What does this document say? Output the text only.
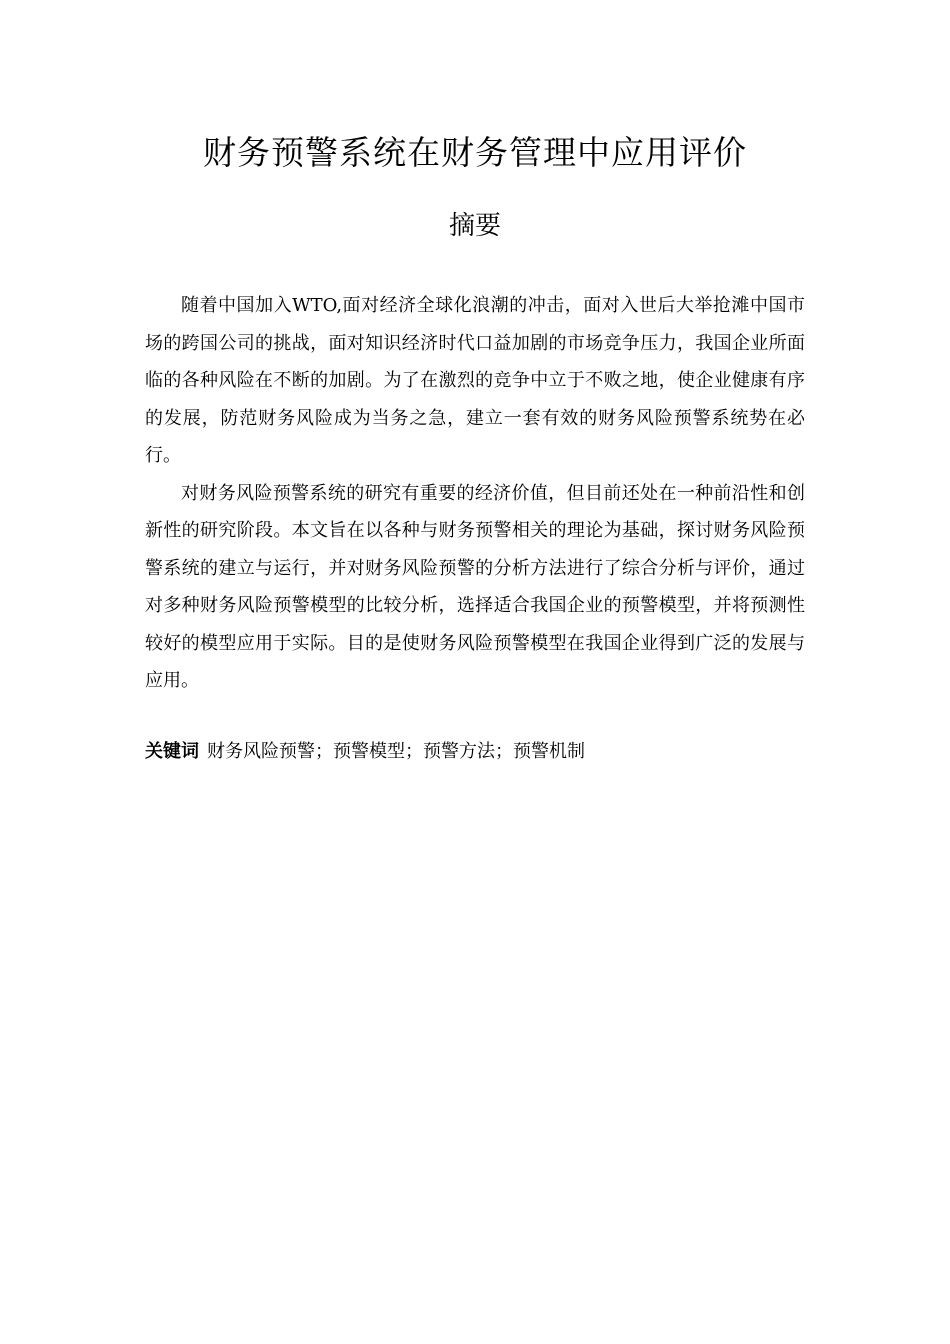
财务预警系统在财务管理中应用评价
摘要

随着中国加入WTO,面对经济全球化浪潮的冲击，面对入世后大举抢滩中国市场的跨国公司的挑战，面对知识经济时代口益加剧的市场竞争压力，我国企业所面临的各种风险在不断的加剧。为了在激烈的竞争中立于不败之地，使企业健康有序的发展，防范财务风险成为当务之急，建立一套有效的财务风险预警系统势在必行。

对财务风险预警系统的研究有重要的经济价值，但目前还处在一种前沿性和创新性的研究阶段。本文旨在以各种与财务预警相关的理论为基础，探讨财务风险预警系统的建立与运行，并对财务风险预警的分析方法进行了综合分析与评价，通过对多种财务风险预警模型的比较分析，选择适合我国企业的预警模型，并将预测性较好的模型应用于实际。目的是使财务风险预警模型在我国企业得到广泛的发展与应用。

关键词 财务风险预警；预警模型；预警方法；预警机制
